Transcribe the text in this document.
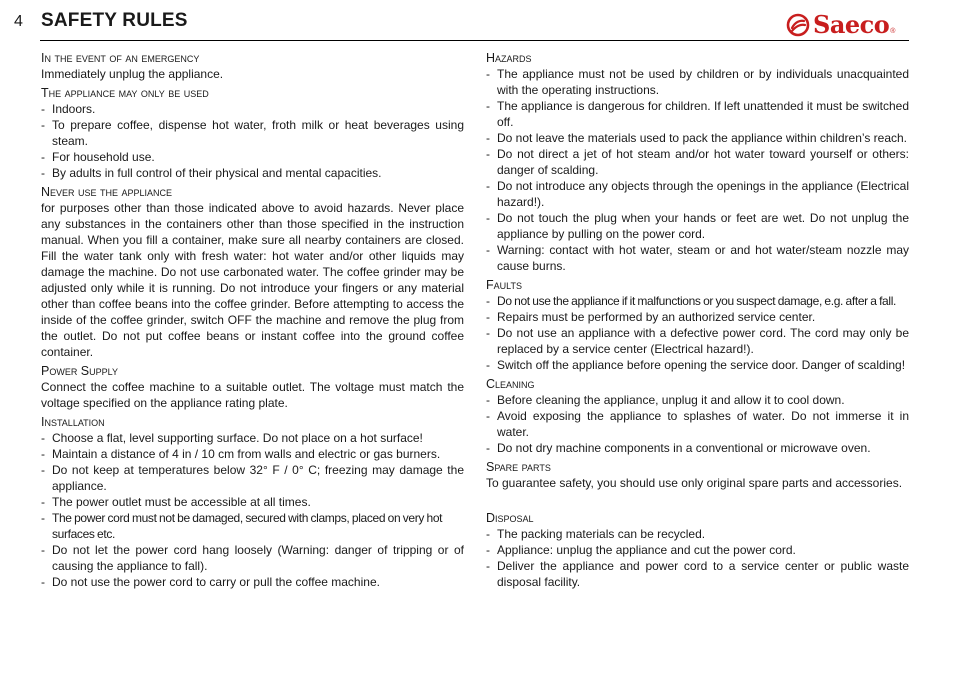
4 SAFETY RULES	Saeco ®
In the event of an emergency

Immediately unplug the appliance.

The appliance may only be used
- Indoors.
- To prepare coffee, dispense hot water, froth milk or heat beverages using steam.
- For household use.
- By adults in full control of their physical and mental capacities.
Never use the appliance

for purposes other than those indicated above to avoid hazards. Never place any substances in the containers other than those specified in the instruction manual. When you fill a container, make sure all nearby containers are closed. Fill the water tank only with fresh water: hot water and/or other liquids may damage the machine. Do not use carbonated water. The coffee grinder may be adjusted only while it is running. Do not introduce your fingers or any material other than coffee beans into the coffee grinder. Before attempting to access the inside of the coffee grinder, switch OFF the machine and remove the plug from the outlet. Do not put coffee beans or instant coffee into the ground coffee container.

Power Supply

Connect the coffee machine to a suitable outlet. The voltage must match the voltage specified on the appliance rating plate.

Installation
- Choose a flat, level supporting surface. Do not place on a hot surface!
- Maintain a distance of 4 in / 10 cm from walls and electric or gas burners.
- Do not keep at temperatures below 32° F / 0° C; freezing may damage the appliance.
- The power outlet must be accessible at all times.
- The power cord must not be damaged, secured with clamps, placed on very hot surfaces etc.
- Do not let the power cord hang loosely (Warning: danger of tripping or of causing the appliance to fall).
- Do not use the power cord to carry or pull the coffee machine.
Hazards
- The appliance must not be used by children or by individuals unacquainted with the operating instructions.
- The appliance is dangerous for children. If left unattended it must be switched off.
- Do not leave the materials used to pack the appliance within children’s reach.
- Do not direct a jet of hot steam and/or hot water toward yourself or others: danger of scalding.
- Do not introduce any objects through the openings in the appliance (Electrical hazard!).
- Do not touch the plug when your hands or feet are wet. Do not unplug the appliance by pulling on the power cord.
- Warning: contact with hot water, steam or and hot water/steam nozzle may cause burns.
Faults
- Do not use the appliance if it malfunctions or you suspect damage, e.g. after a fall.
- Repairs must be performed by an authorized service center.
- Do not use an appliance with a defective power cord. The cord may only be replaced by a service center (Electrical hazard!).
- Switch off the appliance before opening the service door. Danger of scalding!
Cleaning
- Before cleaning the appliance, unplug it and allow it to cool down.
- Avoid exposing the appliance to splashes of water. Do not immerse it in water.
- Do not dry machine components in a conventional or microwave oven.
Spare parts

To guarantee safety, you should use only original spare parts and accessories.

Disposal
- The packing materials can be recycled.
- Appliance: unplug the appliance and cut the power cord.
- Deliver the appliance and power cord to a service center or public waste disposal facility.
